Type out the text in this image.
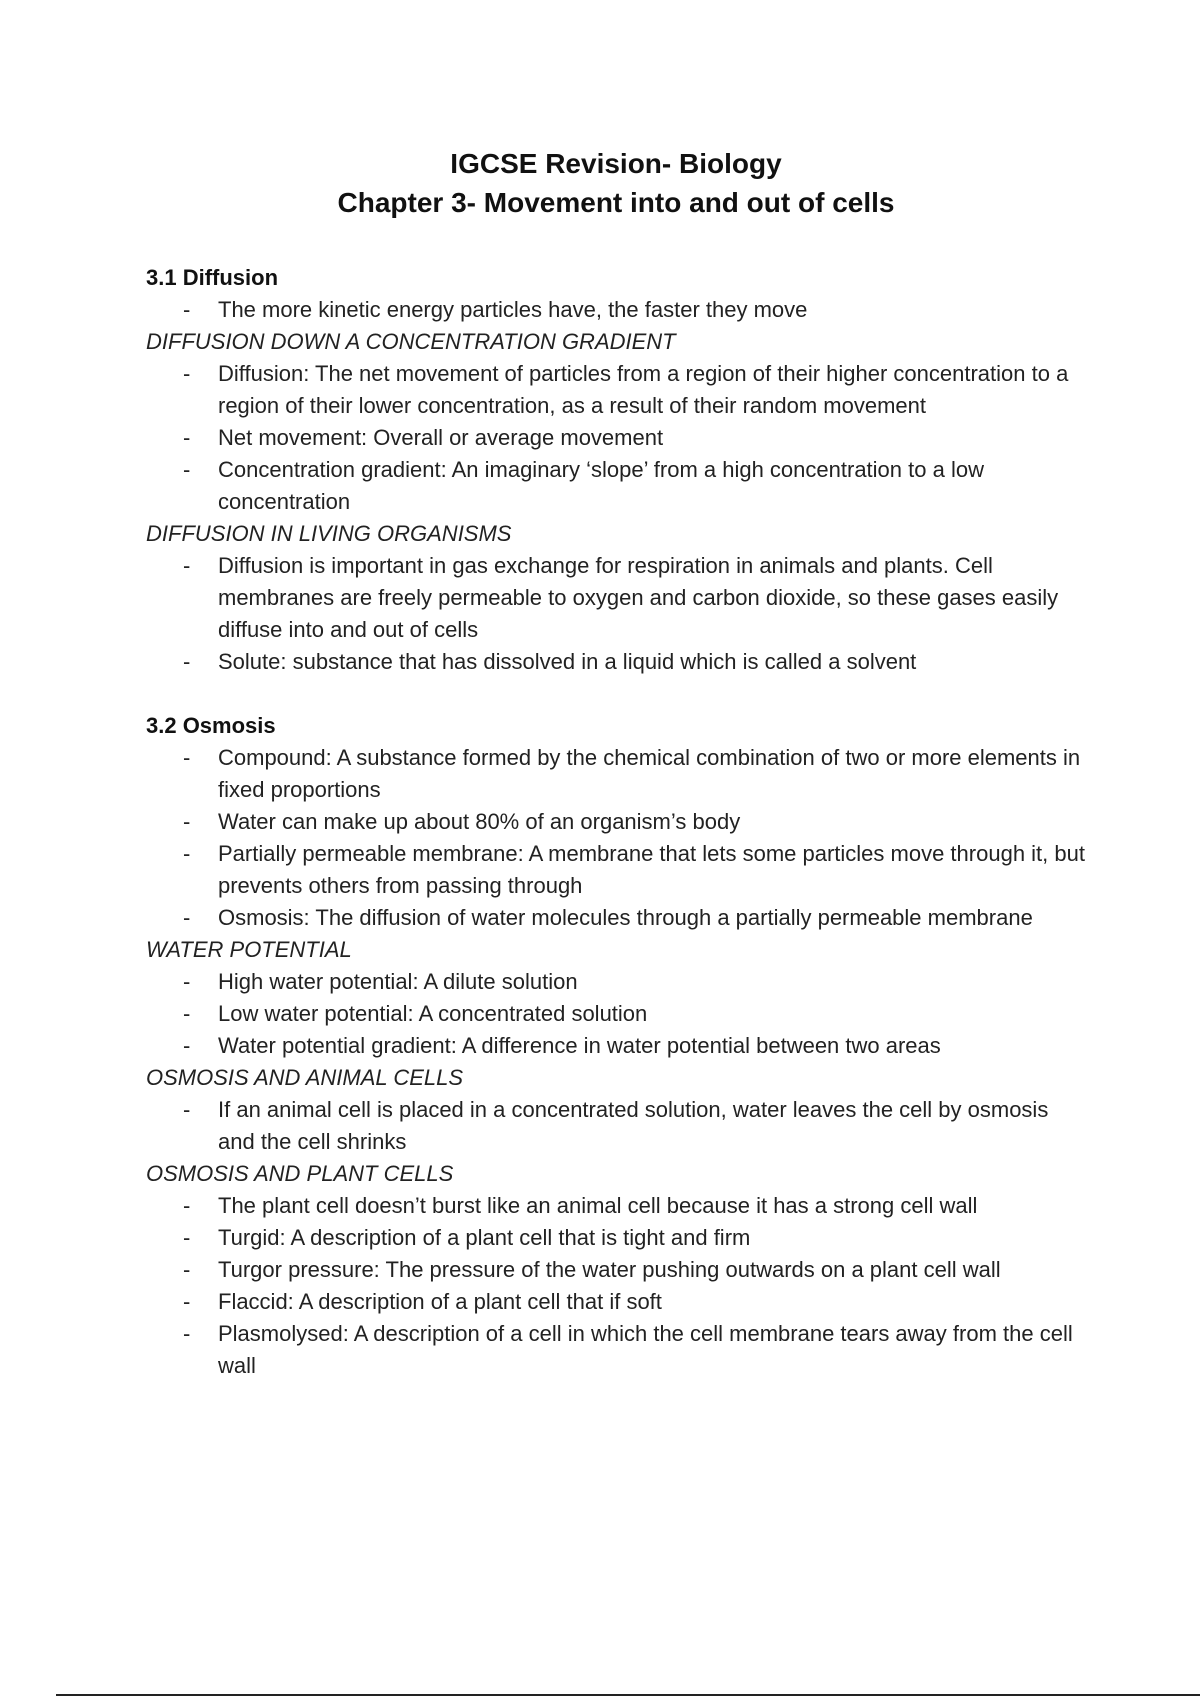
IGCSE Revision- Biology
Chapter 3- Movement into and out of cells
3.1 Diffusion
- The more kinetic energy particles have, the faster they move
DIFFUSION DOWN A CONCENTRATION GRADIENT
- Diffusion: The net movement of particles from a region of their higher concentration to a region of their lower concentration, as a result of their random movement
- Net movement: Overall or average movement
- Concentration gradient: An imaginary ‘slope’ from a high concentration to a low concentration
DIFFUSION IN LIVING ORGANISMS
- Diffusion is important in gas exchange for respiration in animals and plants. Cell membranes are freely permeable to oxygen and carbon dioxide, so these gases easily diffuse into and out of cells
- Solute: substance that has dissolved in a liquid which is called a solvent
3.2 Osmosis
- Compound: A substance formed by the chemical combination of two or more elements in fixed proportions
- Water can make up about 80% of an organism’s body
- Partially permeable membrane: A membrane that lets some particles move through it, but prevents others from passing through
- Osmosis: The diffusion of water molecules through a partially permeable membrane
WATER POTENTIAL
- High water potential: A dilute solution
- Low water potential: A concentrated solution
- Water potential gradient: A difference in water potential between two areas
OSMOSIS AND ANIMAL CELLS
- If an animal cell is placed in a concentrated solution, water leaves the cell by osmosis and the cell shrinks
OSMOSIS AND PLANT CELLS
- The plant cell doesn’t burst like an animal cell because it has a strong cell wall
- Turgid: A description of a plant cell that is tight and firm
- Turgor pressure: The pressure of the water pushing outwards on a plant cell wall
- Flaccid: A description of a plant cell that if soft
- Plasmolysed: A description of a cell in which the cell membrane tears away from the cell wall
